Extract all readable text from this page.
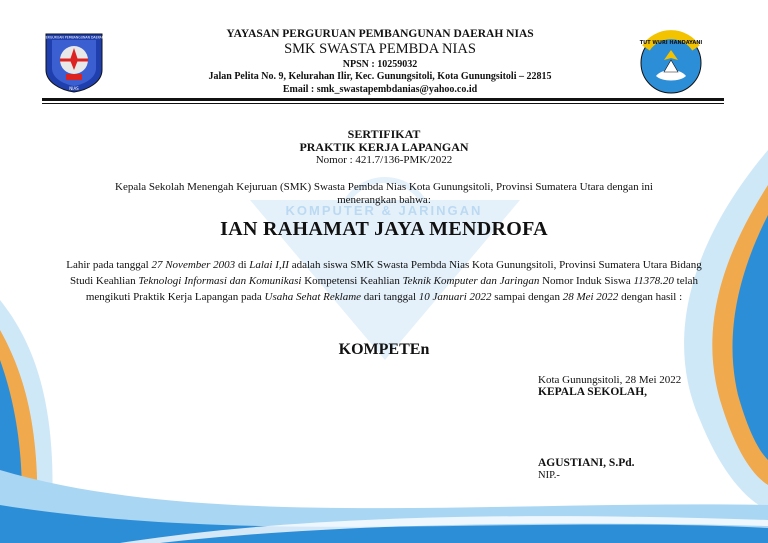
KOMPUTER & JARINGAN
PERGURUAN PEMBANGUNAN DAERAH
NIAS
TUT WURI HANDAYANI
YAYASAN PERGURUAN PEMBANGUNAN DAERAH NIAS
SMK SWASTA PEMBDA NIAS
NPSN : 10259032
Jalan Pelita No. 9, Kelurahan Ilir, Kec. Gunungsitoli, Kota Gunungsitoli – 22815
Email : smk_swastapembdanias@yahoo.co.id
SERTIFIKAT
PRAKTIK KERJA LAPANGAN
Nomor : 421.7/136-PMK/2022
Kepala Sekolah Menengah Kejuruan (SMK) Swasta Pembda Nias Kota Gunungsitoli, Provinsi Sumatera Utara dengan ini
menerangkan bahwa:
IAN RAHAMAT JAYA MENDROFA
Lahir pada tanggal 27 November 2003 di Lalai I,II adalah siswa SMK Swasta Pembda Nias Kota Gunungsitoli, Provinsi Sumatera Utara Bidang Studi Keahlian Teknologi Informasi dan Komunikasi Kompetensi Keahlian Teknik Komputer dan Jaringan Nomor Induk Siswa 11378.20 telah mengikuti Praktik Kerja Lapangan pada Usaha Sehat Reklame dari tanggal 10 Januari 2022 sampai dengan 28 Mei 2022 dengan hasil :
KOMPETEn
Kota Gunungsitoli, 28 Mei 2022
KEPALA SEKOLAH,
AGUSTIANI, S.Pd.
NIP.-
